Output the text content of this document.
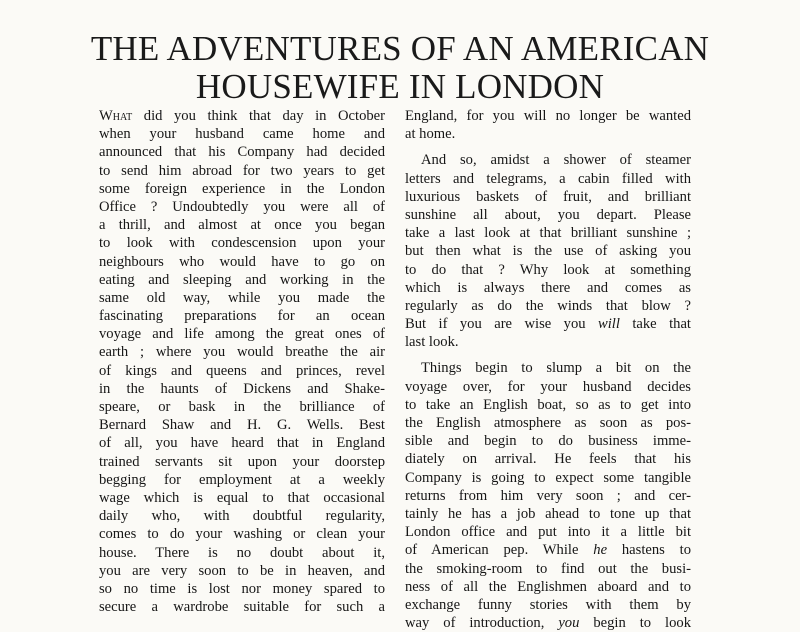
THE ADVENTURES OF AN AMERICAN
HOUSEWIFE IN LONDON

What did you think that day in October
when your husband came home and
announced that his Company had decided
to send him abroad for two years to get
some foreign experience in the London
Office ? Undoubtedly you were all of
a thrill, and almost at once you began
to look with condescension upon your
neighbours who would have to go on
eating and sleeping and working in the
same old way, while you made the
fascinating preparations for an ocean
voyage and life among the great ones of
earth ; where you would breathe the air
of kings and queens and princes, revel
in the haunts of Dickens and Shake-
speare, or bask in the brilliance of
Bernard Shaw and H. G. Wells. Best
of all, you have heard that in England
trained servants sit upon your doorstep
begging for employment at a weekly
wage which is equal to that occasional
daily who, with doubtful regularity,
comes to do your washing or clean your
house. There is no doubt about it,
you are very soon to be in heaven, and
so no time is lost nor money spared to
secure a wardrobe suitable for such a

England, for you will no longer be wanted
at home.

And so, amidst a shower of steamer
letters and telegrams, a cabin filled with
luxurious baskets of fruit, and brilliant
sunshine all about, you depart. Please
take a last look at that brilliant sunshine ;
but then what is the use of asking you
to do that ? Why look at something
which is always there and comes as
regularly as do the winds that blow ?
But if you are wise you will take that
last look.

Things begin to slump a bit on the
voyage over, for your husband decides
to take an English boat, so as to get into
the English atmosphere as soon as pos-
sible and begin to do business imme-
diately on arrival. He feels that his
Company is going to expect some tangible
returns from him very soon ; and cer-
tainly he has a job ahead to tone up that
London office and put into it a little bit
of American pep. While he hastens to
the smoking-room to find out the busi-
ness of all the Englishmen aboard and to
exchange funny stories with them by
way of introduction, you begin to look
